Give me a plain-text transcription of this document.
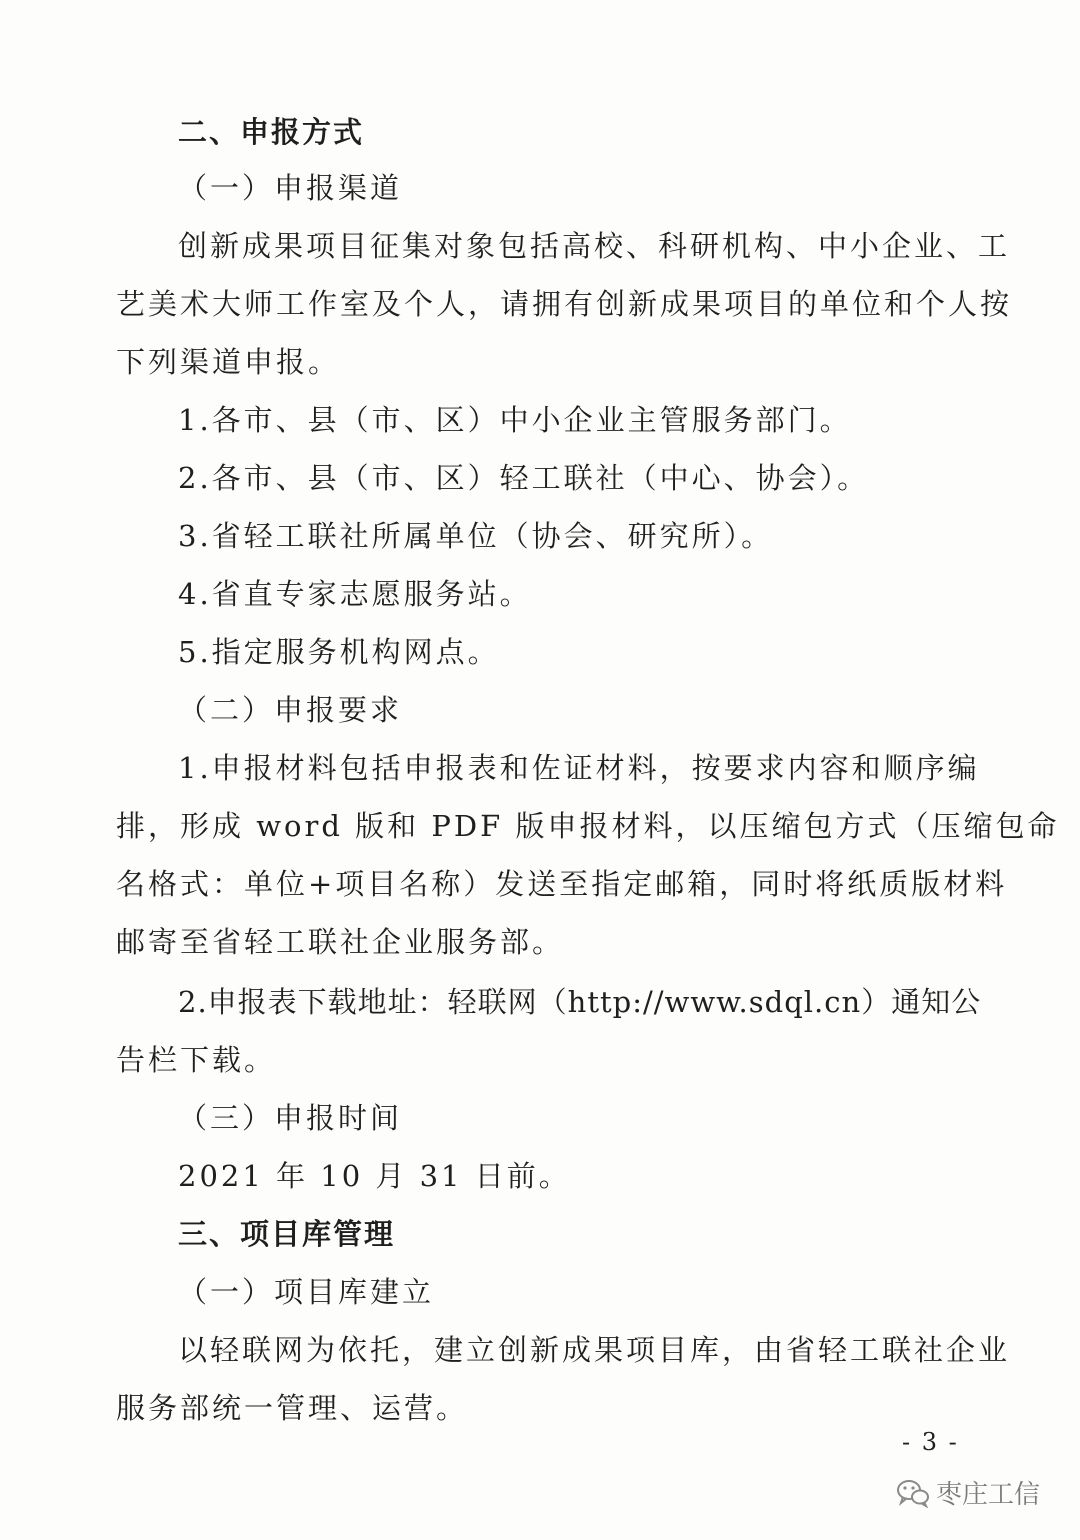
二、申报方式
（一）申报渠道
创新成果项目征集对象包括高校、科研机构、中小企业、工
艺美术大师工作室及个人，请拥有创新成果项目的单位和个人按
下列渠道申报。
1.各市、县（市、区）中小企业主管服务部门。
2.各市、县（市、区）轻工联社（中心、协会）。
3.省轻工联社所属单位（协会、研究所）。
4.省直专家志愿服务站。
5.指定服务机构网点。
（二）申报要求
1.申报材料包括申报表和佐证材料，按要求内容和顺序编
排，形成 word 版和 PDF 版申报材料，以压缩包方式（压缩包命
名格式：单位+项目名称）发送至指定邮箱，同时将纸质版材料
邮寄至省轻工联社企业服务部。
2.申报表下载地址：轻联网（http://www.sdql.cn）通知公
告栏下载。
（三）申报时间
2021 年 10 月 31 日前。
三、项目库管理
（一）项目库建立
以轻联网为依托，建立创新成果项目库，由省轻工联社企业
服务部统一管理、运营。
- 3 -
枣庄工信
